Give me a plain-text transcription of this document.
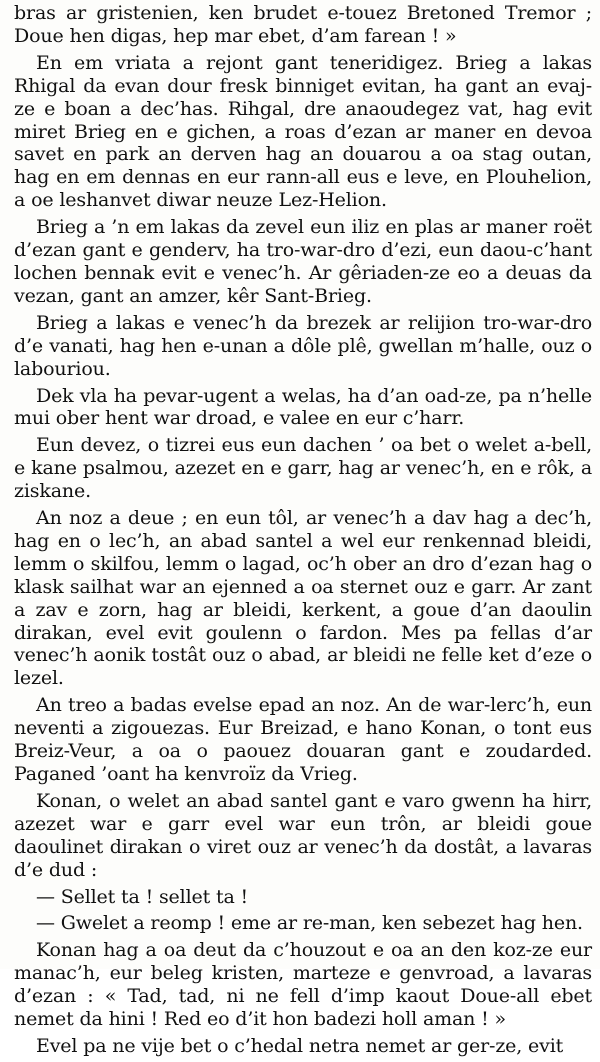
bras ar gristenien, ken brudet e-touez Bretoned Tremor ; Doue hen digas, hep mar ebet, d’am farean ! »

En em vriata a rejont gant teneridigez. Brieg a lakas Rhigal da evan dour fresk binniget evitan, ha gant an evaj-ze e boan a dec’has. Rihgal, dre anaoudegez vat, hag evit miret Brieg en e gichen, a roas d’ezan ar maner en devoa savet en park an derven hag an douarou a oa stag outan, hag en em dennas en eur rann-all eus e leve, en Plouhelion, a oe leshanvet diwar neuze Lez-Helion.

Brieg a ’n em lakas da zevel eun iliz en plas ar maner roët d’ezan gant e genderv, ha tro-war-dro d’ezi, eun daou-c’hant lochen bennak evit e venec’h. Ar gêriaden-ze eo a deuas da vezan, gant an amzer, kêr Sant-Brieg.

Brieg a lakas e venec’h da brezek ar relijion tro-war-dro d’e vanati, hag hen e-unan a dôle plê, gwellan m’halle, ouz o labouriou.

Dek vla ha pevar-ugent a welas, ha d’an oad-ze, pa n’helle mui ober hent war droad, e valee en eur c’harr.

Eun devez, o tizrei eus eun dachen ’ oa bet o welet a-bell, e kane psalmou, azezet en e garr, hag ar venec’h, en e rôk, a ziskane.

An noz a deue ; en eun tôl, ar venec’h a dav hag a dec’h, hag en o lec’h, an abad santel a wel eur renkennad bleidi, lemm o skilfou, lemm o lagad, oc’h ober an dro d’ezan hag o klask sailhat war an ejenned a oa sternet ouz e garr. Ar zant a zav e zorn, hag ar bleidi, kerkent, a goue d’an daoulin dirakan, evel evit goulenn o fardon. Mes pa fellas d’ar venec’h aonik tostât ouz o abad, ar bleidi ne felle ket d’eze o lezel.

An treo a badas evelse epad an noz. An de war-lerc’h, eun neventi a zigouezas. Eur Breizad, e hano Konan, o tont eus Breiz-Veur, a oa o paouez douaran gant e zoudarded. Paganed ’oant ha kenvroïz da Vrieg.

Konan, o welet an abad santel gant e varo gwenn ha hirr, azezet war e garr evel war eun trôn, ar bleidi goue daoulinet dirakan o viret ouz ar venec’h da dostât, a lavaras d’e dud :

— Sellet ta ! sellet ta !

— Gwelet a reomp ! eme ar re-man, ken sebezet hag hen.

Konan hag a oa deut da c’houzout e oa an den koz-ze eur manac’h, eur beleg kristen, marteze e genvroad, a lavaras d’ezan : « Tad, tad, ni ne fell d’imp kaout Doue-all ebet nemet da hini ! Red eo d’it hon badezi holl aman ! »

Evel pa ne vije bet o c’hedal netra nemet ar ger-ze, evit
